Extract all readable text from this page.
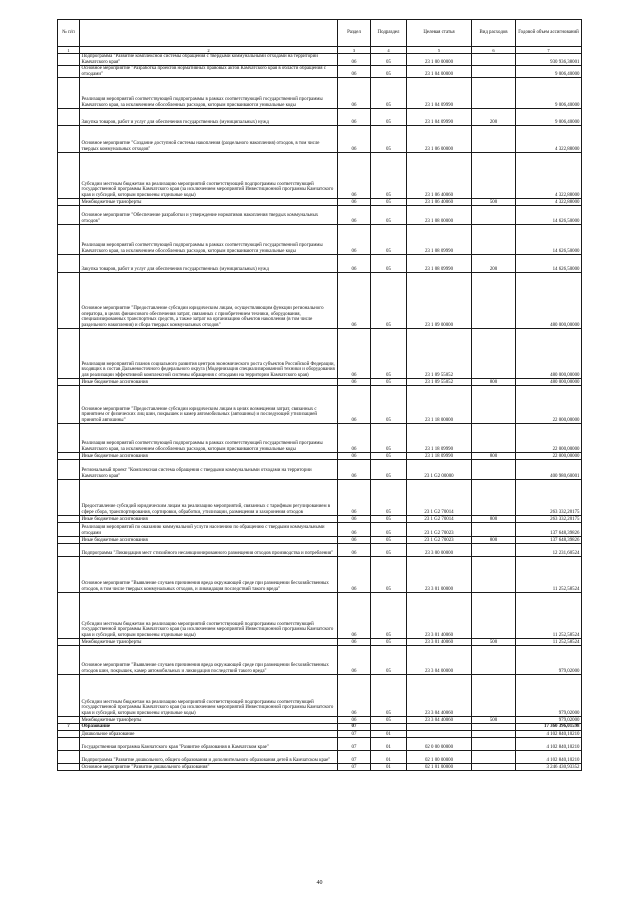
№ п/п		Раздел	Подраздел	Целевая статья	Вид расходов	Годовой объем ассигнований
1	2	3	4	5	6	7
	Подпрограмма "Развитие комплексной системы обращения с твердыми коммунальными отходами на территории Камчатского края"	06	05	23 1 00 00000		930 936,38001
	Основное мероприятие "Разработка проектов нормативных правовых актов Камчатского края в области обращения с отходами"	06	05	23 1 04 00000		9 006,40000
	Реализация мероприятий соответствующей подпрограммы в рамках соответствующей государственной программы Камчатского края, за исключением обособленных расходов, которым присваиваются уникальные коды	06	05	23 1 04 09990		9 006,40000
	Закупка товаров, работ и услуг для обеспечения государственных (муниципальных) нужд	06	05	23 1 04 09990	200	9 006,40000
	Основное мероприятие "Создание доступной системы накопления (раздельного накопления) отходов, в том числе твердых коммунальных отходов"	06	05	23 1 06 00000		4 322,88000
	Субсидии местным бюджетам на реализацию мероприятий соответствующей подпрограммы соответствующей государственной программы Камчатского края (за исключением мероприятий Инвестиционной программы Камчатского края и субсидий, которым присвоены отдельные коды)	06	05	23 1 06 40060		4 322,88000
	Межбюджетные трансферты	06	05	23 1 06 40060	500	4 322,88000
	Основное мероприятие "Обеспечение разработки и утверждение нормативов накопления твердых коммунальных отходов"	06	05	23 1 08 00000		14 626,50000
	Реализация мероприятий соответствующей подпрограммы в рамках соответствующей государственной программы Камчатского края, за исключением обособленных расходов, которым присваиваются уникальные коды	06	05	23 1 08 09990		14 626,50000
	Закупка товаров, работ и услуг для обеспечения государственных (муниципальных) нужд	06	05	23 1 08 09990	200	14 626,50000
	Основное мероприятие "Предоставление субсидии юридическим лицам, осуществляющим функции регионального оператора, в целях финансового обеспечения затрат, связанных с приобретением техники, оборудования, специализированных транспортных средств, а также затрат на организацию объектов накопления (в том числе раздельного накопления) и сбора твердых коммунальных отходов"	06	05	23 1 09 00000		480 000,00000
	Реализация мероприятий планов социального развития центров экономического роста субъектов Российской Федерации, входящих в состав Дальневосточного федерального округа (Модернизация специализированной техники и оборудования для реализации эффективной комплексной системы обращения с отходами на территории Камчатского края)	06	05	23 1 09 55052		480 000,00000
	Иные бюджетные ассигнования	06	05	23 1 09 55052	800	480 000,00000
	Основное мероприятие "Предоставление субсидии юридическим лицам в целях возмещения затрат, связанных с принятием от физических лиц шин, покрышек и камер автомобильных (автошины) и последующей утилизацией принятой автошины"	06	05	23 1 18 00000		22 000,00000
	Реализация мероприятий соответствующей подпрограммы в рамках соответствующей государственной программы Камчатского края, за исключением обособленных расходов, которым присваиваются уникальные коды	06	05	23 1 18 09990		22 000,00000
	Иные бюджетные ассигнования	06	05	23 1 18 09990	800	22 000,00000
	Региональный проект "Комплексная система обращения с твердыми коммунальными отходами на территории Камчатского края"	06	05	23 1 G2 00000		400 980,60001
	Предоставление субсидий юридическим лицам на реализацию мероприятий, связанных с тарифным регулированием в сфере сбора, транспортирования, сортировки, обработки, утилизации, размещения и захоронения отходов	06	05	23 1 G2 70014		263 332,20175
	Иные бюджетные ассигнования	06	05	23 1 G2 70014	800	263 332,20175
	Реализация мероприятий по оказанию коммунальной услуги населению по обращению с твердыми коммунальными отходами	06	05	23 1 G2 70023		137 648,39826
	Иные бюджетные ассигнования	06	05	23 1 G2 70023	800	137 648,39826
	Подпрограмма "Ликвидация мест стихийного несанкционированного размещения отходов производства и потребления"	06	05	23 3 00 00000		12 231,60524
	Основное мероприятие "Выявление случаев причинения вреда окружающей среде при размещении бесхозяйственных отходов, в том числе твердых коммунальных отходов, и ликвидация последствий такого вреда"	06	05	23 3 01 00000		11 252,58524
	Субсидии местным бюджетам на реализацию мероприятий соответствующей подпрограммы соответствующей государственной программы Камчатского края (за исключением мероприятий Инвестиционной программы Камчатского края и субсидий, которым присвоены отдельные коды)	06	05	23 3 01 40060		11 252,58524
	Межбюджетные трансферты	06	05	23 3 01 40060	500	11 252,58524
	Основное мероприятие "Выявление случаев причинения вреда окружающей среде при размещении бесхозяйственных отходов шин, покрышек, камер автомобильных и ликвидация последствий такого вреда"	06	05	23 3 04 00000		979,02000
	Субсидии местным бюджетам на реализацию мероприятий соответствующей подпрограммы соответствующей государственной программы Камчатского края (за исключением мероприятий Инвестиционной программы Камчатского края и субсидий, которым присвоены отдельные коды)	06	05	23 3 04 40060		979,02000
	Межбюджетные трансферты	06	05	23 3 04 40060	500	979,02000
7	Образование	07				17 360 396,01598
	Дошкольное образование	07	01			4 102 840,10210
	Государственная программа Камчатского края "Развитие образования в Камчатском крае"	07	01	02 0 00 00000		4 102 840,10210
	Подпрограмма "Развитие дошкольного, общего образования и дополнительного образования детей в Камчатском крае"	07	01	02 1 00 00000		4 102 840,10210
	Основное мероприятие "Развитие дошкольного образования"	07	01	02 1 01 00000		3 246 430,93352
40
